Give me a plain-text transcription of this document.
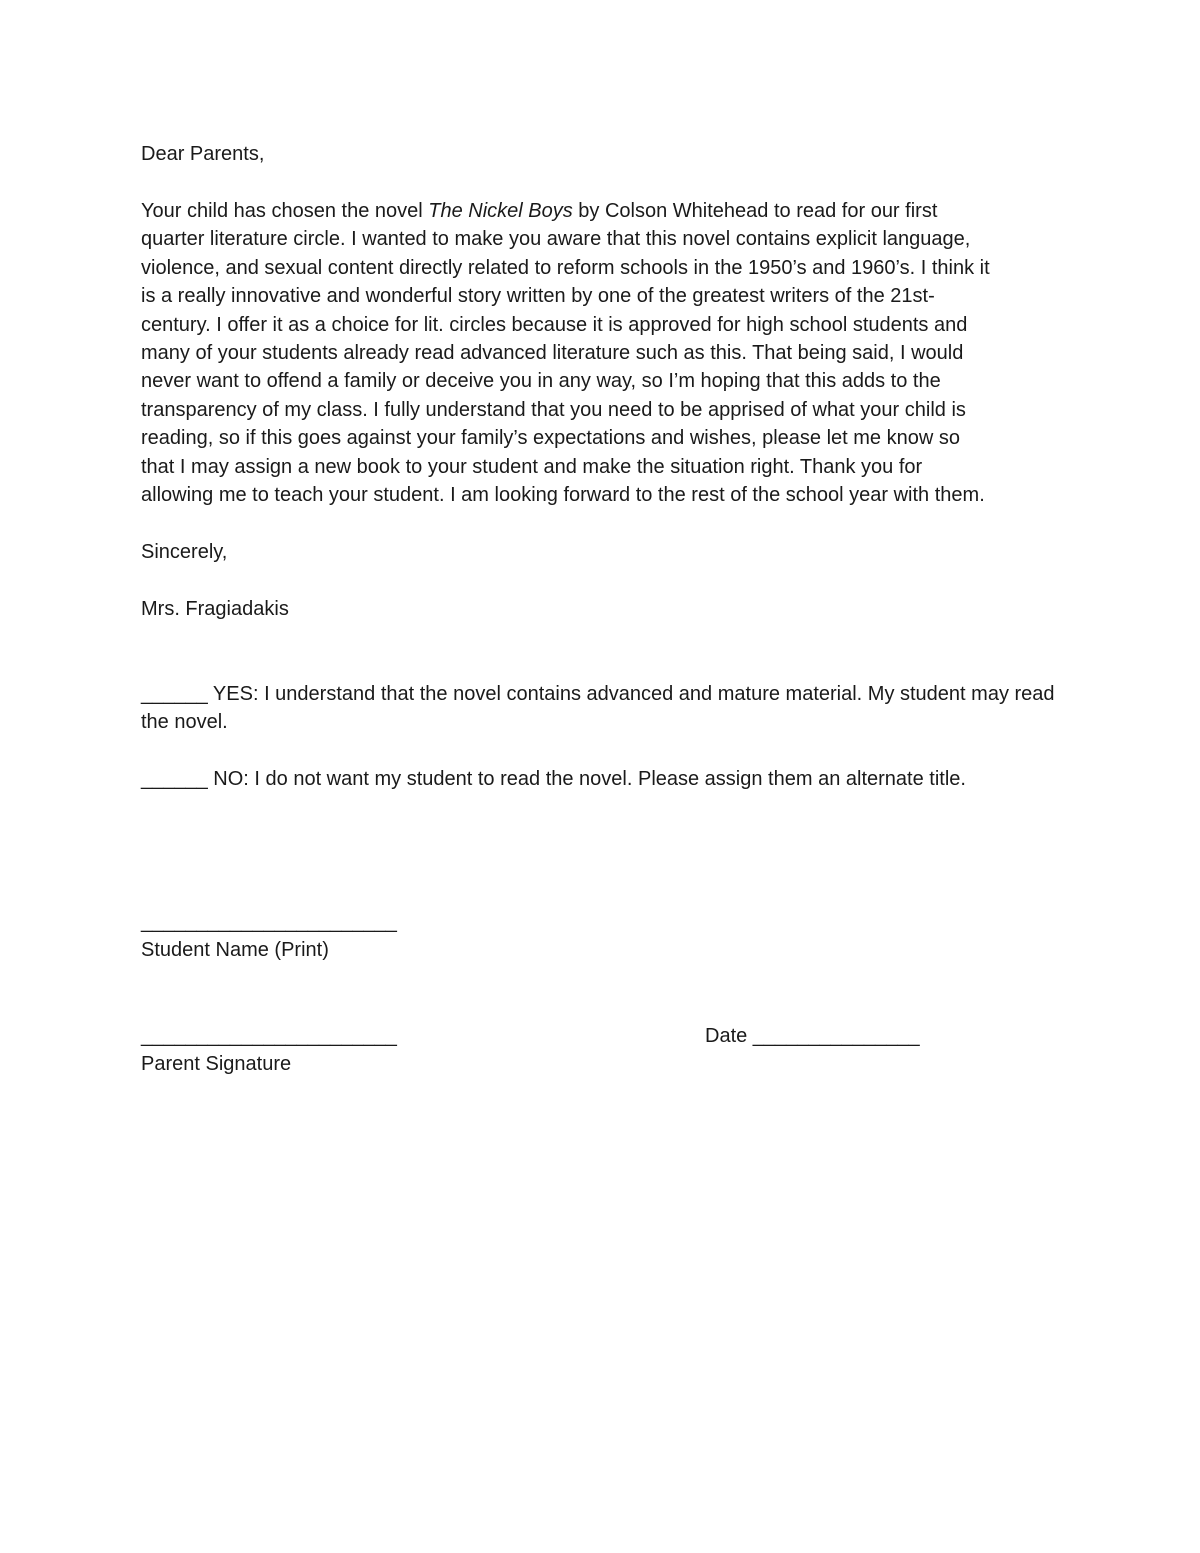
Dear Parents,

Your child has chosen the novel The Nickel Boys by Colson Whitehead to read for our first
quarter literature circle. I wanted to make you aware that this novel contains explicit language,
violence, and sexual content directly related to reform schools in the 1950’s and 1960’s. I think it
is a really innovative and wonderful story written by one of the greatest writers of the 21st-
century. I offer it as a choice for lit. circles because it is approved for high school students and
many of your students already read advanced literature such as this. That being said, I would
never want to offend a family or deceive you in any way, so I’m hoping that this adds to the
transparency of my class. I fully understand that you need to be apprised of what your child is
reading, so if this goes against your family’s expectations and wishes, please let me know so
that I may assign a new book to your student and make the situation right. Thank you for
allowing me to teach your student. I am looking forward to the rest of the school year with them.

Sincerely,

Mrs. Fragiadakis

______ YES: I understand that the novel contains advanced and mature material. My student may read the novel.

______ NO: I do not want my student to read the novel. Please assign them an alternate title.

_______________________
Student Name (Print)
_______________________
Parent Signature
Date _______________
